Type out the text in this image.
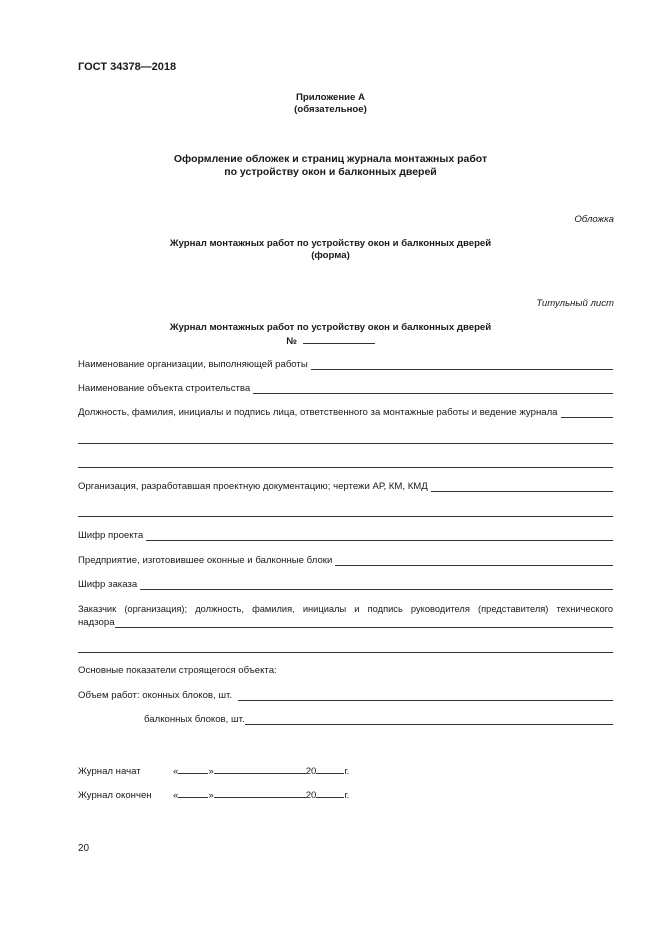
ГОСТ 34378—2018
Приложение А
(обязательное)
Оформление обложек и страниц журнала монтажных работ
по устройству окон и балконных дверей
Обложка
Журнал монтажных работ по устройству окон и балконных дверей
(форма)
Титульный лист
Журнал монтажных работ по устройству окон и балконных дверей
№
Наименование организации, выполняющей работы
Наименование объекта строительства
Должность, фамилия, инициалы и подпись лица, ответственного за монтажные работы и ведение журнала
Организация, разработавшая проектную документацию; чертежи АР, КМ, КМД
Шифр проекта
Предприятие, изготовившее оконные и балконные блоки
Шифр заказа
Заказчик (организация); должность, фамилия, инициалы и подпись руководителя (представителя) технического
надзора
Основные показатели строящегося объекта:
Объем работ: оконных блоков, шт.
балконных блоков, шт.
Журнал начат	«	»	20	г.
Журнал окончен «	»	20	г.
20
